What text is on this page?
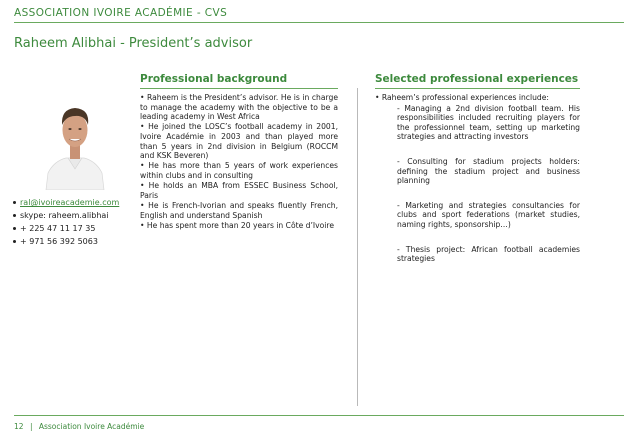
ASSOCIATION IVOIRE ACADÉMIE - CVS
Raheem Alibhai - President’s advisor
Professional background	Selected professional experiences
ral@ivoireacademie.com
skype: raheem.alibhai
+ 225 47 11 17 35
+ 971 56 392 5063

• Raheem is the President’s advisor. He is in charge to manage the academy with the objective to be a leading academy in West Africa

• He joined the LOSC’s football academy in 2001, Ivoire Académie in 2003 and than played more than 5 years in 2nd division in Belgium (ROCCM and KSK Beveren)

• He has more than 5 years of work experiences within clubs and in consulting

• He holds an MBA from ESSEC Business School, Paris

• He is French-Ivorian and speaks fluently French, English and understand Spanish

• He has spent more than 20 years in Côte d’Ivoire

• Raheem’s professional experiences include:

- Managing a 2nd division football team. His responsibilities included recruiting players for the professionnel team, setting up marketing strategies and attracting investors

- Consulting for stadium projects holders: defining the stadium project and business planning

- Marketing and strategies consultancies for clubs and sport federations (market studies, naming rights, sponsorship…)

- Thesis project: African football academies strategies

12 | Association Ivoire Académie
